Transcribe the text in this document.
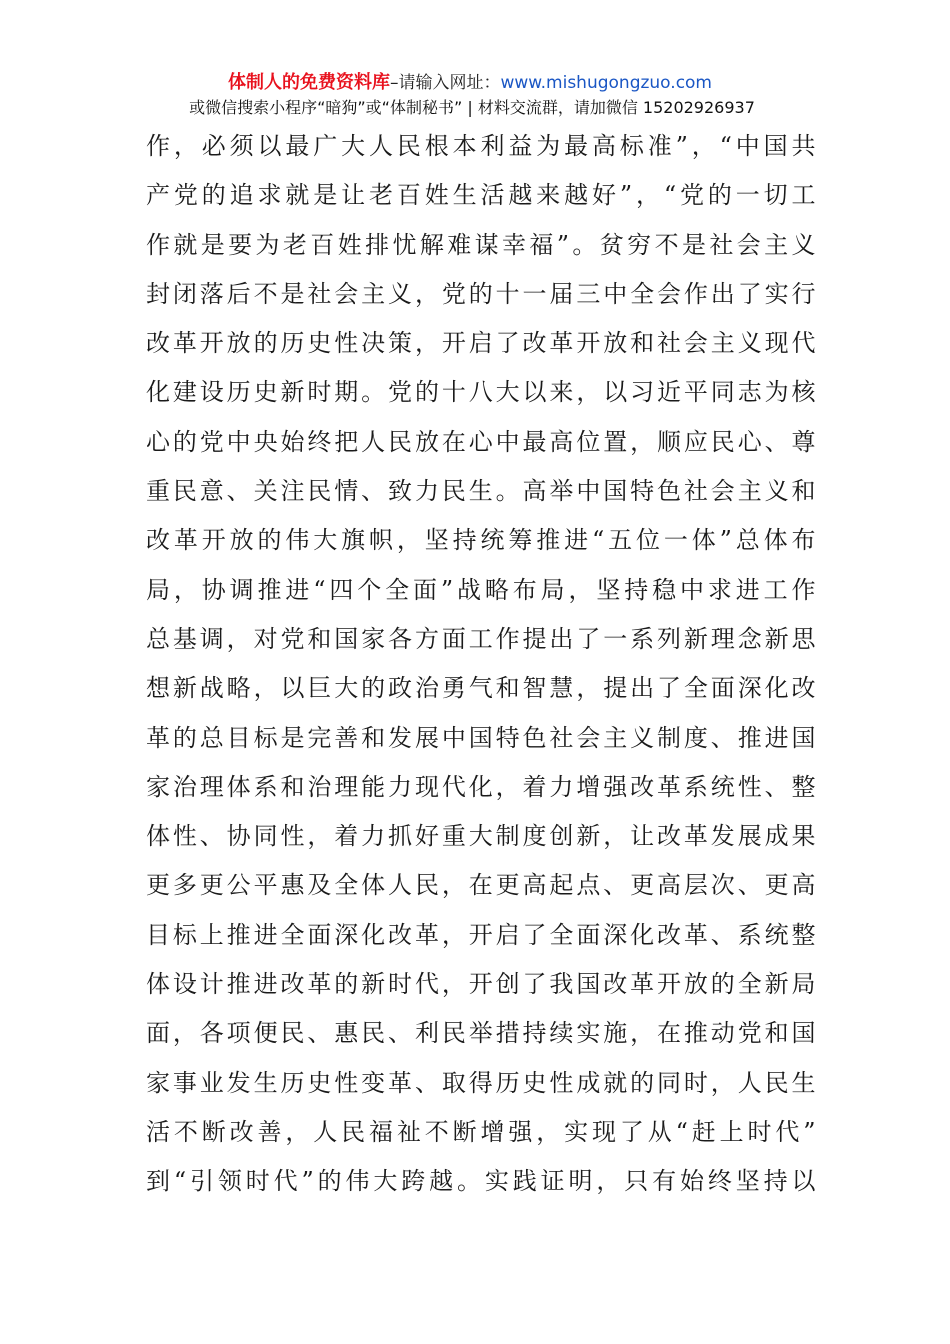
体制人的免费资料库–请输入网址：www.mishugongzuo.com
或微信搜索小程序“暗狗”或“体制秘书” | 材料交流群，请加微信 15202926937
作，必须以最广大人民根本利益为最高标准”，“中国共
产党的追求就是让老百姓生活越来越好”，“党的一切工
作就是要为老百姓排忧解难谋幸福”。贫穷不是社会主义
封闭落后不是社会主义，党的十一届三中全会作出了实行
改革开放的历史性决策，开启了改革开放和社会主义现代
化建设历史新时期。党的十八大以来，以习近平同志为核
心的党中央始终把人民放在心中最高位置，顺应民心、尊
重民意、关注民情、致力民生。高举中国特色社会主义和
改革开放的伟大旗帜，坚持统筹推进“五位一体”总体布
局，协调推进“四个全面”战略布局，坚持稳中求进工作
总基调，对党和国家各方面工作提出了一系列新理念新思
想新战略，以巨大的政治勇气和智慧，提出了全面深化改
革的总目标是完善和发展中国特色社会主义制度、推进国
家治理体系和治理能力现代化，着力增强改革系统性、整
体性、协同性，着力抓好重大制度创新，让改革发展成果
更多更公平惠及全体人民，在更高起点、更高层次、更高
目标上推进全面深化改革，开启了全面深化改革、系统整
体设计推进改革的新时代，开创了我国改革开放的全新局
面，各项便民、惠民、利民举措持续实施，在推动党和国
家事业发生历史性变革、取得历史性成就的同时，人民生
活不断改善，人民福祉不断增强，实现了从“赶上时代”
到“引领时代”的伟大跨越。实践证明，只有始终坚持以
